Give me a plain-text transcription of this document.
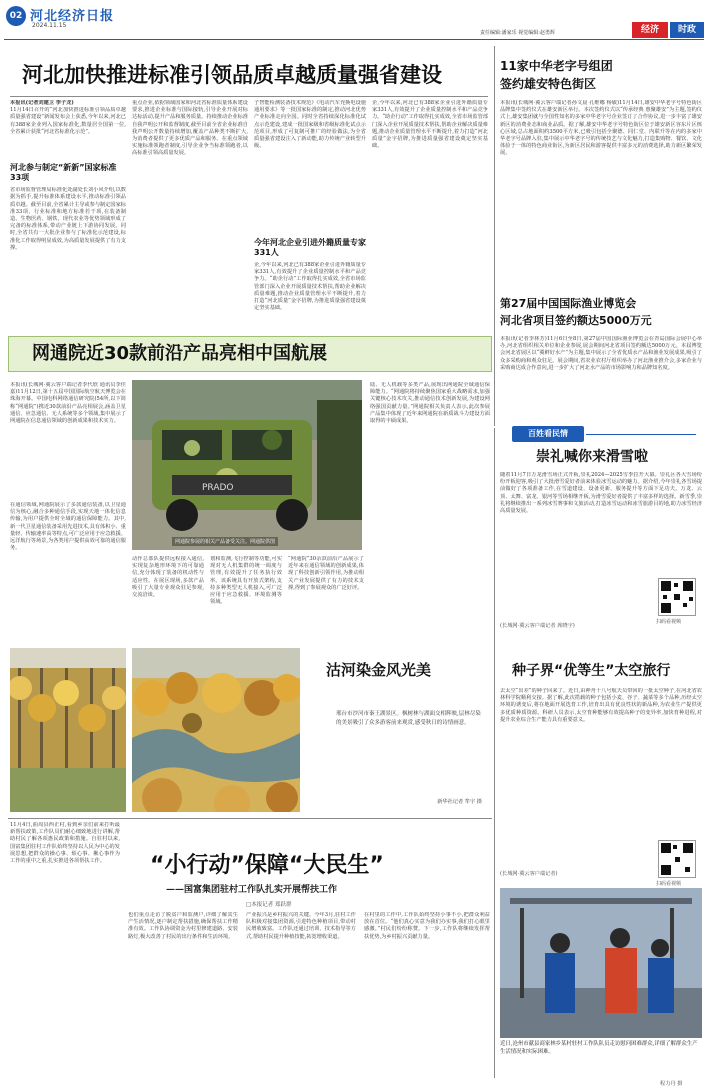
02 河北经济日报
2024.11.15
责任编辑:潘家乐 视觉编辑:赵勇辉	经济	时政
河北加快推进标准引领品质卓越质量强省建设
本报讯(记者刘建卫 李子龙)
11月14日召开的“河北加快推进标准引领品质卓越质量强省建设”新闻发布会上获悉,今年以来,河北已有388家企业列入国家标准化,数量居全国第一位,全省累计获批“河北省标准化示范”。
河北参与制定“新新”国家标准33项
省市场监督管理局标准化处副处长刘小风介绍,以数据为抓手,提升标准体系建设水平,推动标准引领品质卓越。截至目前,全省累计主导或参与制定国家标准33项、行业标准和地方标准若干项,在装备制造、生物医药、钢铁、现代农业等优势领域形成了完备的标准体系,带动产业链上下游协同发展。同时,全省共有一大批企业参与了标准化示范建设,标准化工作取得明显成效,为高质量发展提供了有力支撑。
重点企业,依据领域国家和河北省标准质量体系建设要求,推进企业标准与国际接轨,引导企业开展对标达标活动,提升产品和服务质量。持续推动企业标准自我声明公开和监督制度,截至目前全省企业标准自我声明公开数量持续增加,覆盖产品种类不断扩大,为消费者提供了更多优质产品和服务。在重点领域实施标准领跑者制度,引导企业争当标准领跑者,以高标准引领高质量发展。
子智能检测装备技术规范》《电动汽车充换电设施通用要求》等一批国家标准的制定,推动河北优势产业标准走向全国。同时全省持续深化标准化试点示范建设,建成一批国家级和省级标准化试点示范项目,形成了可复制可推广的经验做法,为全省质量强省建设注入了新动能,助力传统产业转型升级。
今年河北企业引进外籍质量专家331人
企,今年以来,河北已有388家企业引进外籍质量专家331人,有效提升了企业质量控制水平和产品竞争力。“助企行动”工作取得扎实成效,全省市场监管部门深入企业开展质量技术帮扶,帮助企业解决质量难题,推动企业质量管理水平不断提升,着力打造“河北质量”金字招牌,为推进质量强省建设奠定坚实基础。
企,今年以来,河北已有388家企业引进外籍质量专家331人,有效提升了企业质量控制水平和产品竞争力。“助企行动”工作取得扎实成效,全省市场监管部门深入企业开展质量技术帮扶,帮助企业解决质量难题,推动企业质量管理水平不断提升,着力打造“河北质量”金字招牌,为推进质量强省建设奠定坚实基础。
11家中华老字号组团
签约雄安特色街区
本报讯(长城网·冀云客户端记者孙文晨 孔维娜 杨敏)11月14日,雄安中华老字号特色街区品牌集中签约仪式在雄安新区举行。本次签约仪式以“传承经典 惠聚雄安”为主题,签约仪式上,雄安集团就与全国性知名的多家中华老字号企业签订了合作协议,进一步丰富了雄安新区的消费业态和商业品质。据了解,雄安中华老字号特色街区位于雄安新区容东片区核心区域,总占地面积约3500平方米,已吸引包括全聚德、同仁堂、内联升等在内的多家中华老字号品牌入驻,集中展示中华老字号的传统技艺与文化魅力,打造集购物、餐饮、文化体验于一体的特色商业街区,为新区居民和游客提供丰富多元的消费选择,助力新区繁荣发展。
第27届中国国际渔业博览会
河北省项目签约额达5000万元
本报讯(记者李林芳)11月6日至8日,第27届中国国际渔业博览会在青岛国际会展中心举办,河北省组织相关单位和企业参展,展会期间河北省项目签约额达5000万元。本届博览会河北省展区以“冀鲜好水产”为主题,集中展示了全省优质水产品和渔业发展成果,吸引了众多采购商和观众驻足。展会期间,省农业农村厅组织举办了河北渔业推介会,多家企业与采购商达成合作意向,进一步扩大了河北水产品的市场影响力和品牌知名度。
网通院近30款前沿产品亮相中国航展
本报讯(长城网·冀云客户端记者李代欣 通讯员李佳嘉)11月12日,第十五届中国国际航空航天博览会在珠海开幕。中国电科网络通信研究院(54所,以下简称“网通院”)携近30款前沿产品亮相展会,涵盖卫星通信、应急通信、无人系统等多个领域,集中展示了网通院在信息通信领域的创新成果和技术实力。
在通信领域,网通院展示了多款通信装备,以卫星通信为核心,融合多种通信手段,实现天地一体化信息传输,为用户提供全时全域的通信保障能力。其中,新一代卫星通信装备采用先进技术,具有体积小、重量轻、传输速率高等特点,可广泛应用于应急救援、远洋航行等场景,为各类用户提供高效可靠的通信服务。
PRADO
网通院参展的相关产品备受关注。网通院供图
陆、无人机载等多类产品,展现出网通院全域通信保障能力。“网通院将持续聚焦国家重大战略需求,加强关键核心技术攻关,推动通信技术创新发展,为建设网络强国贡献力量。”网通院相关负责人表示,此次参展产品集中体现了近年来网通院在新质战斗力建设方面取得的丰硕成果。
动作总部队提供远程接入通信,实现复杂地形环境下的可靠通信,充分体现了装备的机动性与适应性。在展区现场,多款产品吸引了大量专业观众驻足参观,交流洽谈。
划和监测,飞行控制等功能,可实现对无人机集群的统一调度与管理,有效提升了任务执行效率。该系统具有开放式架构,支持多种类型无人机接入,可广泛应用于应急救援、环境监测等领域。
“网通院”30余款前沿产品展示了近年来在通信领域的创新成果,体现了科技创新引领作用,为推动相关产业发展提供了有力的技术支撑,得到了参展观众的广泛好评。
沽河染金风光美
邢台市沙河市秦王湖景区。枫树林与湖面交相辉映,层林尽染的美景吸引了众多游客前来观赏,感受秋日的诗情画意。
新华社记者 牟宇 摄
百姓看民情
崇礼喊你来滑雪啦
随着11月7日万龙滑雪场正式开板,崇礼2024—2025雪季拉开大幕。崇礼区各大雪场纷纷开板迎客,吸引了大批滑雪爱好者前来体验冰雪运动的魅力。据介绍,今年崇礼各雪场提前做好了各项准备工作,在雪道建设、设备更新、服务提升等方面下足功夫。万龙、云顶、太舞、富龙、银河等雪场相继开板,为滑雪爱好者提供了丰富多样的选择。新雪季,崇礼将继续推出一系列冰雪赛事和文旅活动,打造冰雪运动和冰雪旅游目的地,助力冰雪经济高质量发展。
(长城网·冀云客户端记者 席晓宇)
扫码看视频
种子界“优等生”太空旅行
去太空“出差”的种子回来了。近日,由神舟十八号航天员带回的一批太空种子,在河北省农林科学院顺利交接。据了解,此次搭载的种子包括小麦、谷子、蔬菜等多个品种,历经太空环境的诱变后,将在地面开展选育工作,培育出具有优良性状的新品种,为农业生产提供更多优质种质资源。科研人员表示,太空育种能够有效提高种子的变异率,加快育种进程,对提升农业综合生产能力具有重要意义。
(长城网·冀云客户端记者)
扫码看视频
“小行动”保障“大民生”
——国富集团驻村工作队扎实开展帮扶工作
□本报记者 郑跃群
11月4日,曲周县西正村,看到乡亲们前来打听最新帮扶政策,工作队员们耐心细致地进行讲解,帮助村民了解各项惠民政策和措施。自驻村以来,国富集团驻村工作队始终坚持以人民为中心的发展思想,把群众的操心事、烦心事、揪心事作为工作的重中之重,扎实推进各项帮扶工作。
也们重点走访了脱贫户和监测户,详细了解其生产生活情况,逐户制定帮扶措施,确保帮扶工作精准有效。工作队协调资金为村里修建道路、安装路灯,极大改善了村民的出行条件和生活环境。
产业振兴是乡村振兴的关键。今年3月,驻村工作队积极对接集团资源,引进特色种植项目,带动村民增收致富。工作队还通过培训、技术指导等方式,帮助村民提升种植技能,拓宽增收渠道。
在村里的工作中,工作队始终坚持小事不小,把群众利益放在首位。“他们真心实意为我们办实事,我们打心眼里感激。”村民们纷纷称赞。下一步,工作队将继续发挥帮扶优势,为乡村振兴贡献力量。
近日,沧州市献县商家林乡某村驻村工作队队员走访慰问困难群众,详细了解群众生产生活情况和实际困难。
程力丹 摄
